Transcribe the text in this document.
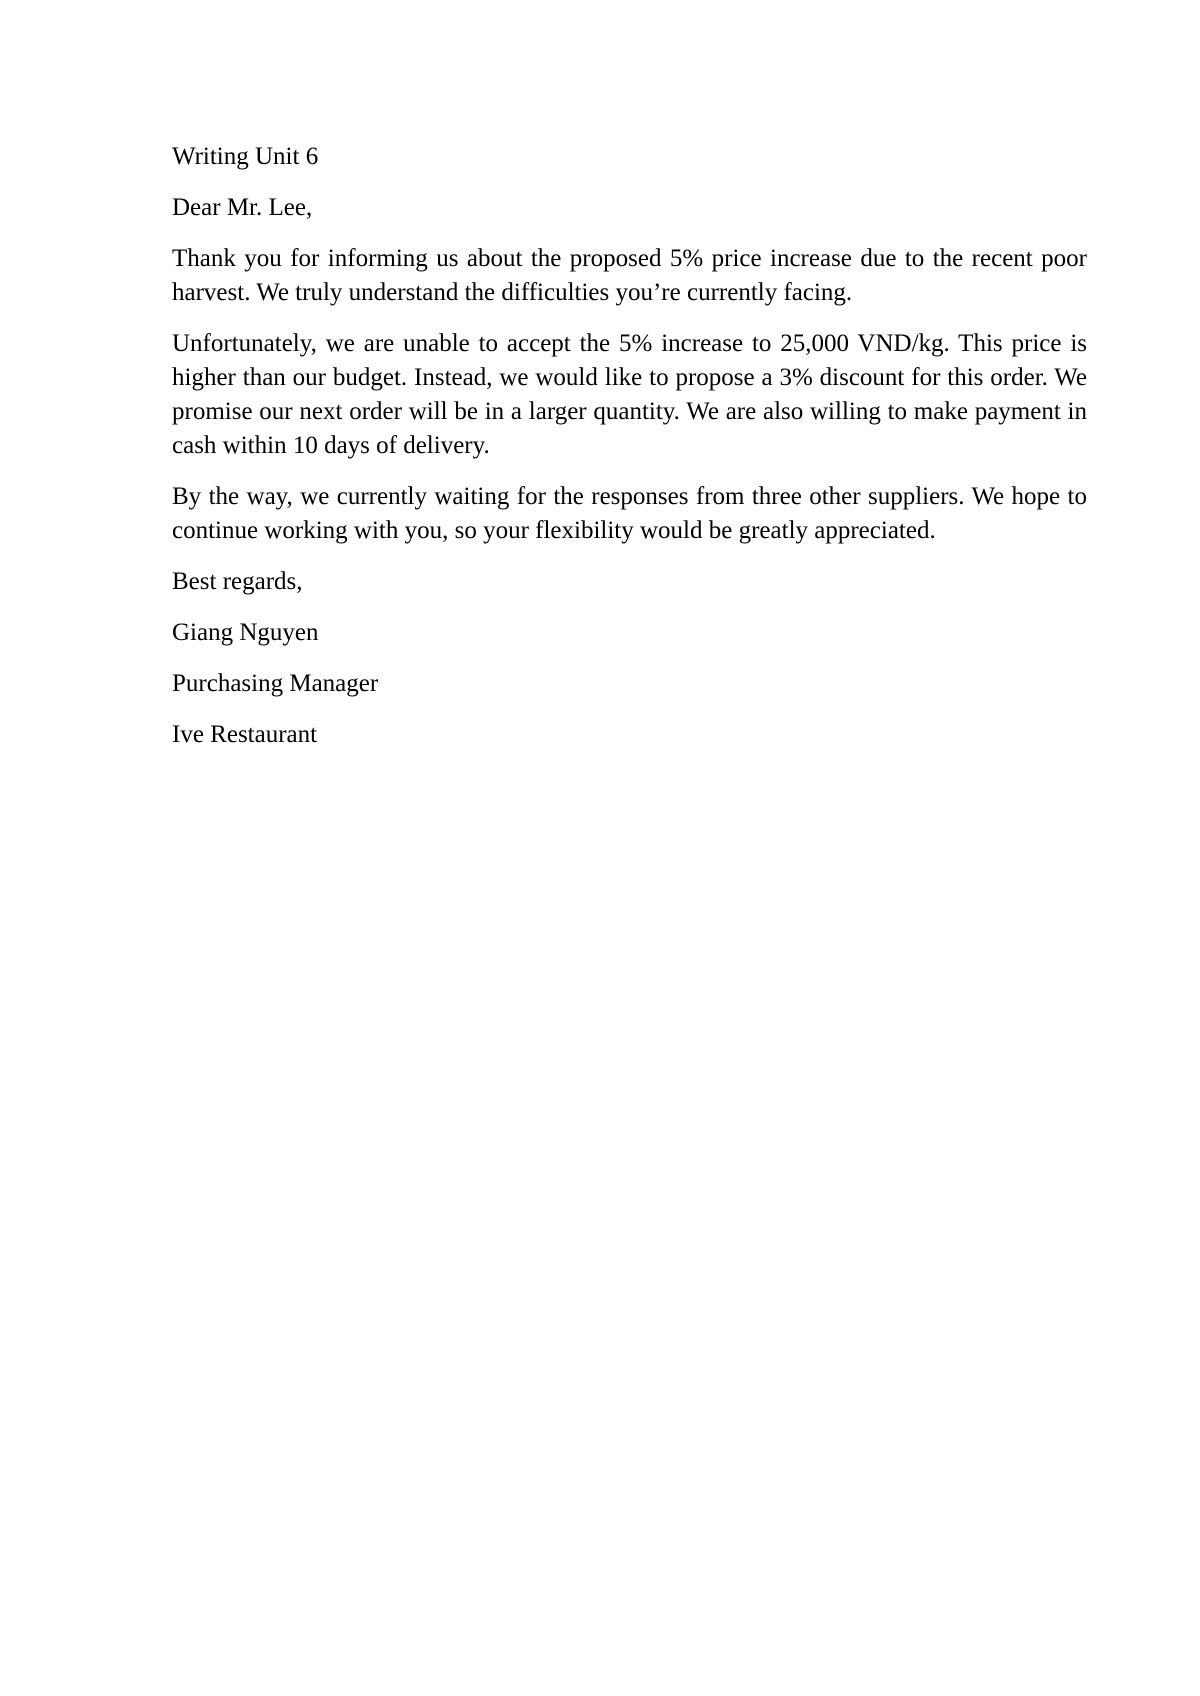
Writing Unit 6

Dear Mr. Lee,

Thank you for informing us about the proposed 5% price increase due to the recent poor harvest. We truly understand the difficulties you’re currently facing.

Unfortunately, we are unable to accept the 5% increase to 25,000 VND/kg. This price is higher than our budget. Instead, we would like to propose a 3% discount for this order. We promise our next order will be in a larger quantity. We are also willing to make payment in cash within 10 days of delivery.

By the way, we currently waiting for the responses from three other suppliers. We hope to continue working with you, so your flexibility would be greatly appreciated.

Best regards,

Giang Nguyen

Purchasing Manager

Ive Restaurant
